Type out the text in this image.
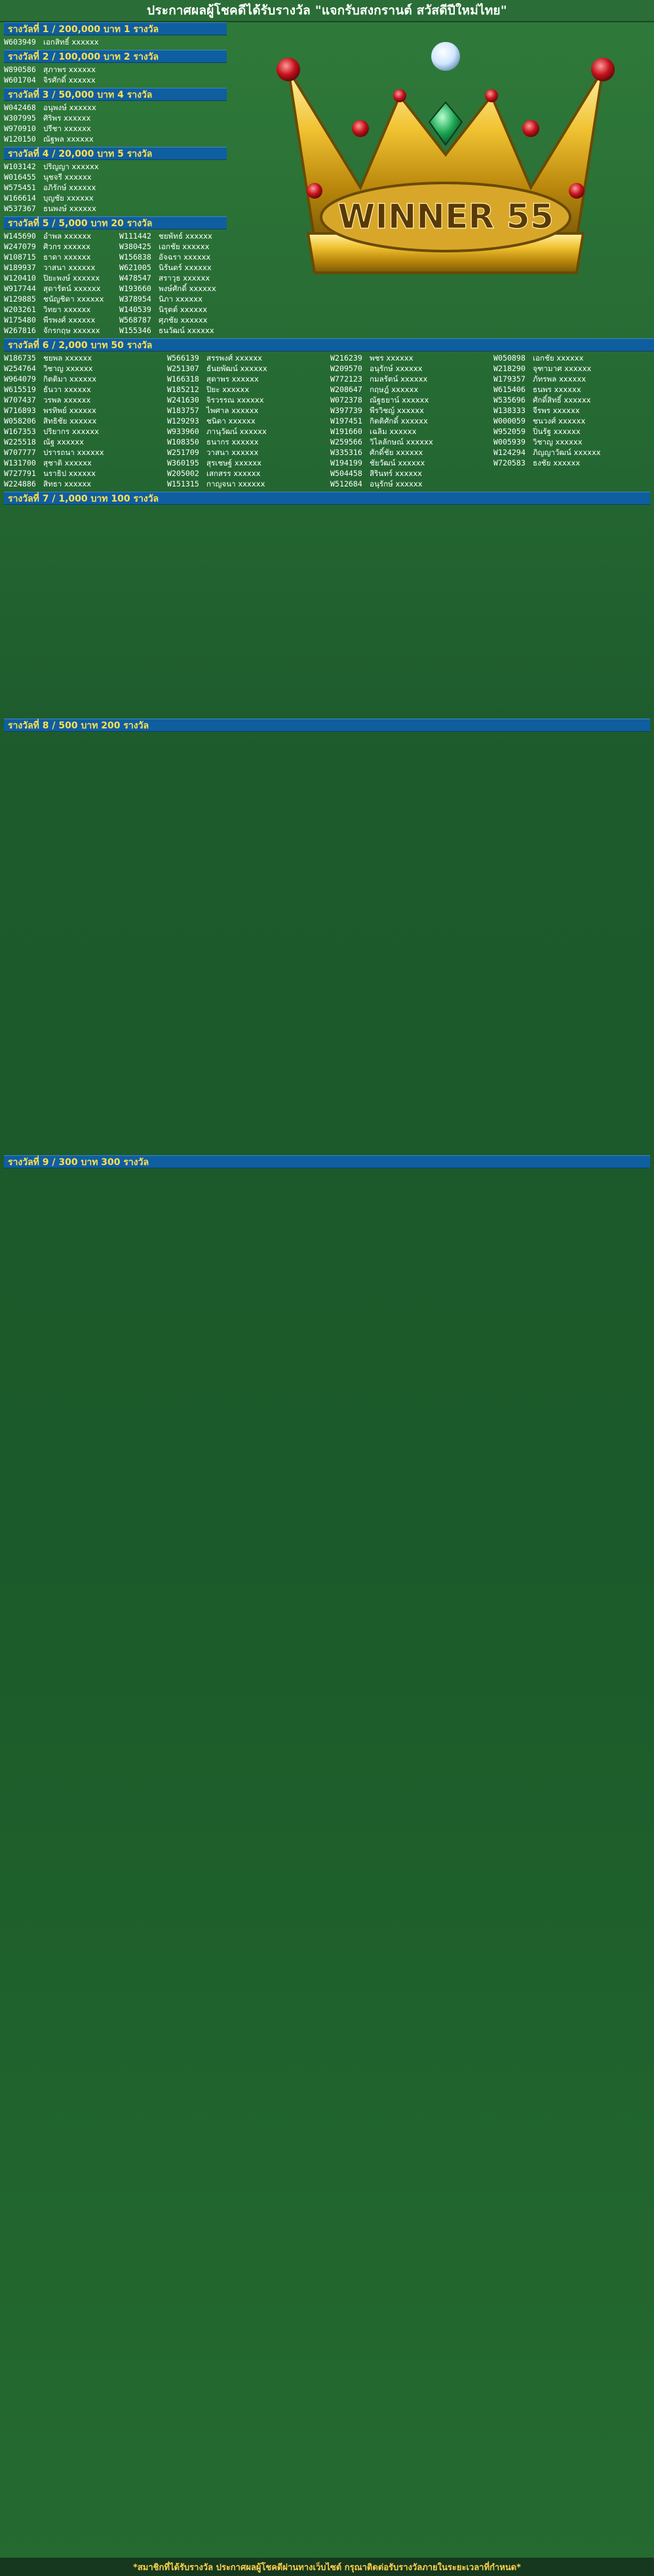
ประกาศผลผู้โชคดีได้รับรางวัล "แจกรับสงกรานต์ สวัสดีปีใหม่ไทย"
WINNER 55
รางวัลที่ 1 / 200,000 บาท 1 รางวัล
W603949 เอกสิทธิ์ xxxxxx
รางวัลที่ 2 / 100,000 บาท 2 รางวัล
W890586 สุภาพร xxxxxx
W601704 จิรศักดิ์ xxxxxx
รางวัลที่ 3 / 50,000 บาท 4 รางวัล
W042468 อนุพงษ์ xxxxxx
W307995 ศิริพร xxxxxx
W970910 ปรีชา xxxxxx
W120150 ณัฐพล xxxxxx
รางวัลที่ 4 / 20,000 บาท 5 รางวัล
W103142 ปริญญา xxxxxx
W016455 นุชจรี xxxxxx
W575451 อภิรักษ์ xxxxxx
W166614 บุญชัย xxxxxx
W537367 ธนพงษ์ xxxxxx
รางวัลที่ 5 / 5,000 บาท 20 รางวัล
W145690 อำพล xxxxxx
W247079 ศิวกร xxxxxx
W108715 ธาดา xxxxxx
W189937 วาสนา xxxxxx
W120410 ปิยะพงษ์ xxxxxx
W917744 สุดารัตน์ xxxxxx
W129885 ชนัญชิดา xxxxxx
W203261 วิทยา xxxxxx
W175480 พีรพงศ์ xxxxxx
W267816 จักรกฤษ xxxxxx
W111442 ชยพัทธ์ xxxxxx
W380425 เอกชัย xxxxxx
W156838 อัจฉรา xxxxxx
W621005 นิรันดร์ xxxxxx
W478547 สราวุธ xxxxxx
W193660 พงษ์ศักดิ์ xxxxxx
W378954 นิภา xxxxxx
W140539 นิรุตต์ xxxxxx
W568787 ศุภชัย xxxxxx
W155346 ธนวัฒน์ xxxxxx
รางวัลที่ 6 / 2,000 บาท 50 รางวัล
W186735 ชยพล xxxxxx
W254764 วิชาญ xxxxxx
W964079 กิตติมา xxxxxx
W615519 ธันวา xxxxxx
W707437 วรพล xxxxxx
W716893 พรทิพย์ xxxxxx
W058206 สิทธิชัย xxxxxx
W167353 ปริยากร xxxxxx
W225518 ณัฐ xxxxxx
W707777 ปรารถนา xxxxxx
W131700 สุชาติ xxxxxx
W727791 นราธิป xxxxxx
W224886 สิทธา xxxxxx
W566139 สรรพงศ์ xxxxxx
W251307 ธันยพัฒน์ xxxxxx
W166318 สุดาพร xxxxxx
W185212 ปิยะ xxxxxx
W241630 จิรวรรณ xxxxxx
W183757 ไพศาล xxxxxx
W129293 ชนิดา xxxxxx
W933960 ภานุวัฒน์ xxxxxx
W108350 ธนากร xxxxxx
W251709 วาสนา xxxxxx
W360195 สุรเชษฐ์ xxxxxx
W205002 เสกสรร xxxxxx
W151315 กาญจนา xxxxxx
W216239 พชร xxxxxx
W209570 อนุรักษ์ xxxxxx
W772123 กมลรัตน์ xxxxxx
W208647 กฤษฎ์ xxxxxx
W072378 ณัฐธยาน์ xxxxxx
W397739 พีรวิชญ์ xxxxxx
W197451 กิตติศักดิ์ xxxxxx
W191660 เฉลิม xxxxxx
W259566 วิไลลักษณ์ xxxxxx
W335316 ศักดิ์ชัย xxxxxx
W194199 ชัยวัฒน์ xxxxxx
W504458 สิรินทร์ xxxxxx
W512684 อนุรักษ์ xxxxxx
W050898 เอกชัย xxxxxx
W218290 จุฑามาศ xxxxxx
W179357 ภัทรพล xxxxxx
W615406 ธนพร xxxxxx
W535696 ศักดิ์สิทธิ์ xxxxxx
W138333 จีรพร xxxxxx
W000059 ชนวงศ์ xxxxxx
W952059 ปิ่นรัฐ xxxxxx
W005939 วิชาญ xxxxxx
W124294 ภิญญาวัฒน์ xxxxxx
W720583 ธงชัย xxxxxx
รางวัลที่ 7 / 1,000 บาท 100 รางวัล
รางวัลที่ 8 / 500 บาท 200 รางวัล
รางวัลที่ 9 / 300 บาท 300 รางวัล
*สมาชิกที่ได้รับรางวัล ประกาศผลผู้โชคดีผ่านทางเว็บไซต์ กรุณาติดต่อรับรางวัลภายในระยะเวลาที่กำหนด*
